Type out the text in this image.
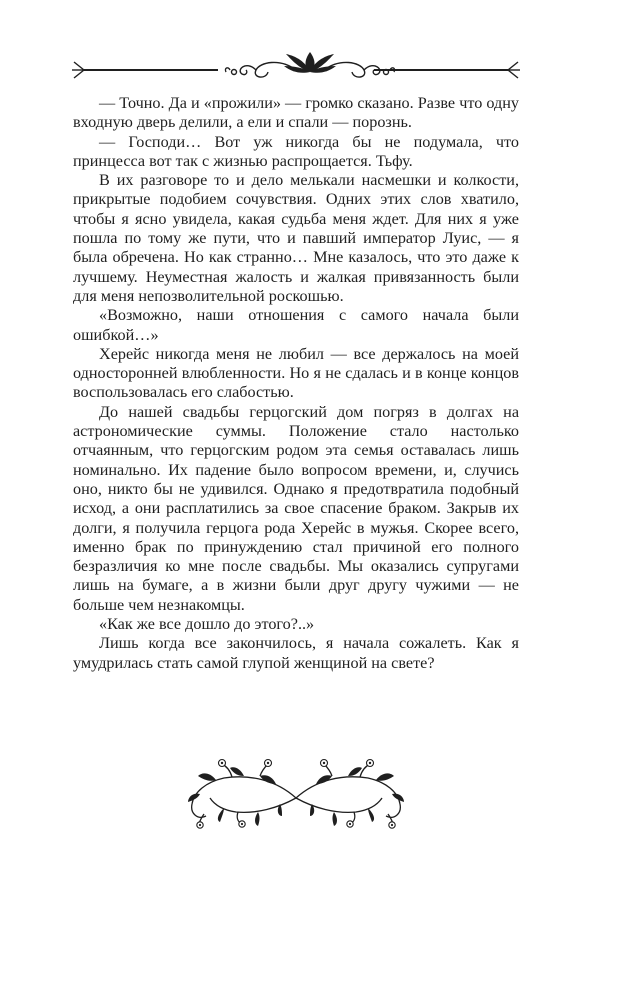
— Точно. Да и «прожили» — громко сказано. Разве что одну входную дверь делили, а ели и спали — порознь.

— Господи… Вот уж никогда бы не подумала, что принцесса вот так с жизнью распрощается. Тьфу.

В их разговоре то и дело мелькали насмешки и колкости, прикрытые подобием сочувствия. Одних этих слов хватило, чтобы я ясно увидела, какая судьба меня ждет. Для них я уже пошла по тому же пути, что и павший император Луис, — я была обречена. Но как странно… Мне казалось, что это даже к лучшему. Неуместная жалость и жалкая привязанность были для меня непозволительной роскошью.

«Возможно, наши отношения с самого начала были ошибкой…»

Херейс никогда меня не любил — все держалось на моей односторонней влюбленности. Но я не сдалась и в конце концов воспользовалась его слабостью.

До нашей свадьбы герцогский дом погряз в долгах на астрономические суммы. Положение стало настолько отчаянным, что герцогским родом эта семья оставалась лишь номинально. Их падение было вопросом времени, и, случись оно, никто бы не удивился. Однако я предотвратила подобный исход, а они расплатились за свое спасение браком. Закрыв их долги, я получила герцога рода Херейс в мужья. Скорее всего, именно брак по принуждению стал причиной его полного безразличия ко мне после свадьбы. Мы оказались супругами лишь на бумаге, а в жизни были друг другу чужими — не больше чем незнакомцы.

«Как же все дошло до этого?..»

Лишь когда все закончилось, я начала сожалеть. Как я умудрилась стать самой глупой женщиной на свете?
